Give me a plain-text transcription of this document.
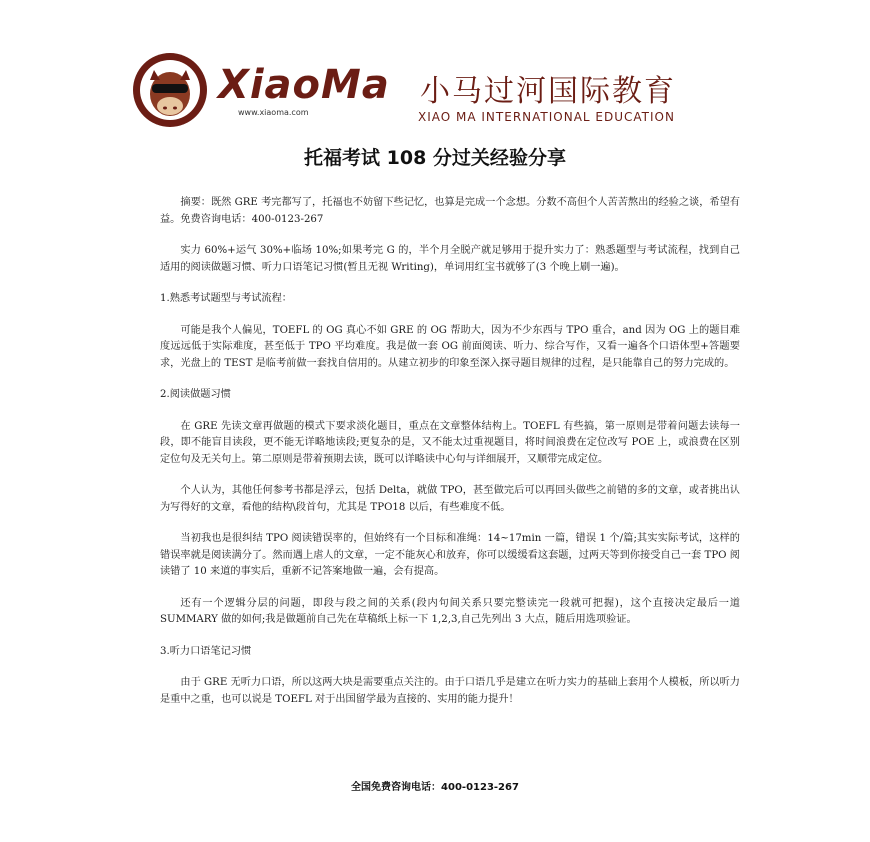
XiaoMa
www.xiaoma.com
小马过河国际教育
XIAO MA INTERNATIONAL EDUCATION
托福考试 108 分过关经验分享

摘要：既然 GRE 考完都写了，托福也不妨留下些记忆，也算是完成一个念想。分数不高但个人苦苦熬出的经验之谈，希望有益。免费咨询电话：400-0123-267

实力 60%+运气 30%+临场 10%;如果考完 G 的，半个月全脱产就足够用于提升实力了：熟悉题型与考试流程，找到自己适用的阅读做题习惯、听力口语笔记习惯(暂且无视 Writing)，单词用红宝书就够了(3 个晚上刷一遍)。

1.熟悉考试题型与考试流程：

可能是我个人偏见，TOEFL 的 OG 真心不如 GRE 的 OG 帮助大，因为不少东西与 TPO 重合，and 因为 OG 上的题目难度远远低于实际难度，甚至低于 TPO 平均难度。我是做一套 OG 前面阅读、听力、综合写作，又看一遍各个口语体型+答题要求，光盘上的 TEST 是临考前做一套找自信用的。从建立初步的印象至深入探寻题目规律的过程，是只能靠自己的努力完成的。

2.阅读做题习惯

在 GRE 先读文章再做题的模式下要求淡化题目，重点在文章整体结构上。TOEFL 有些搞，第一原则是带着问题去读每一段，即不能盲目读段，更不能无详略地读段;更复杂的是，又不能太过重视题目，将时间浪费在定位改写 POE 上，或浪费在区别定位句及无关句上。第二原则是带着预期去读，既可以详略读中心句与详细展开，又顺带完成定位。

个人认为，其他任何参考书都是浮云，包括 Delta，就做 TPO，甚至做完后可以再回头做些之前错的多的文章，或者挑出认为写得好的文章，看他的结构\段首句，尤其是 TPO18 以后，有些难度不低。

当初我也是很纠结 TPO 阅读错误率的，但始终有一个目标和准绳：14~17min 一篇，错误 1 个/篇;其实实际考试，这样的错误率就是阅读满分了。然而遇上虐人的文章，一定不能灰心和放弃，你可以缓缓看这套题，过两天等到你接受自己一套 TPO 阅读错了 10 来道的事实后，重新不记答案地做一遍，会有提高。

还有一个逻辑分层的问题，即段与段之间的关系(段内句间关系只要完整读完一段就可把握)，这个直接决定最后一道 SUMMARY 做的如何;我是做题前自己先在草稿纸上标一下 1,2,3,自己先列出 3 大点，随后用选项验证。

3.听力口语笔记习惯

由于 GRE 无听力口语，所以这两大块是需要重点关注的。由于口语几乎是建立在听力实力的基础上套用个人模板，所以听力是重中之重，也可以说是 TOEFL 对于出国留学最为直接的、实用的能力提升！

全国免费咨询电话：400-0123-267
